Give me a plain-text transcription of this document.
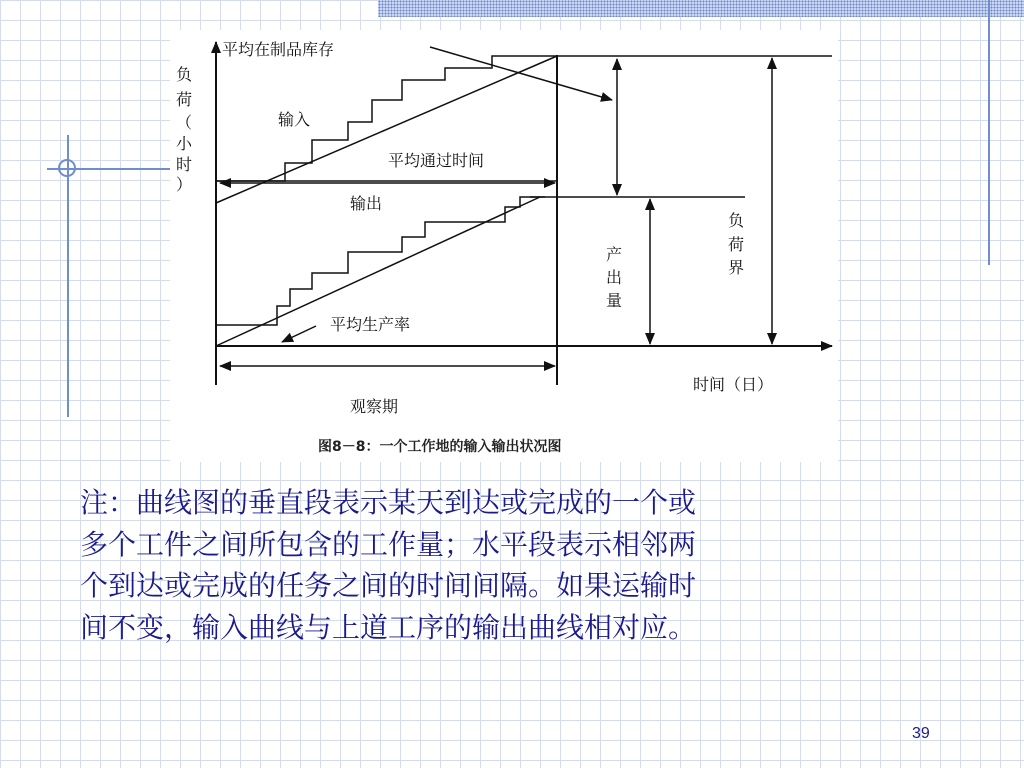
平均在制品库存
负
荷
（
小
时
）
输入
平均通过时间
输出
平均生产率
观察期
时间（日）
产
出
量
负
荷
界
图8－8：一个工作地的输入输出状况图
注：曲线图的垂直段表示某天到达或完成的一个或
多个工件之间所包含的工作量；水平段表示相邻两
个到达或完成的任务之间的时间间隔。如果运输时
间不变，输入曲线与上道工序的输出曲线相对应。
39
